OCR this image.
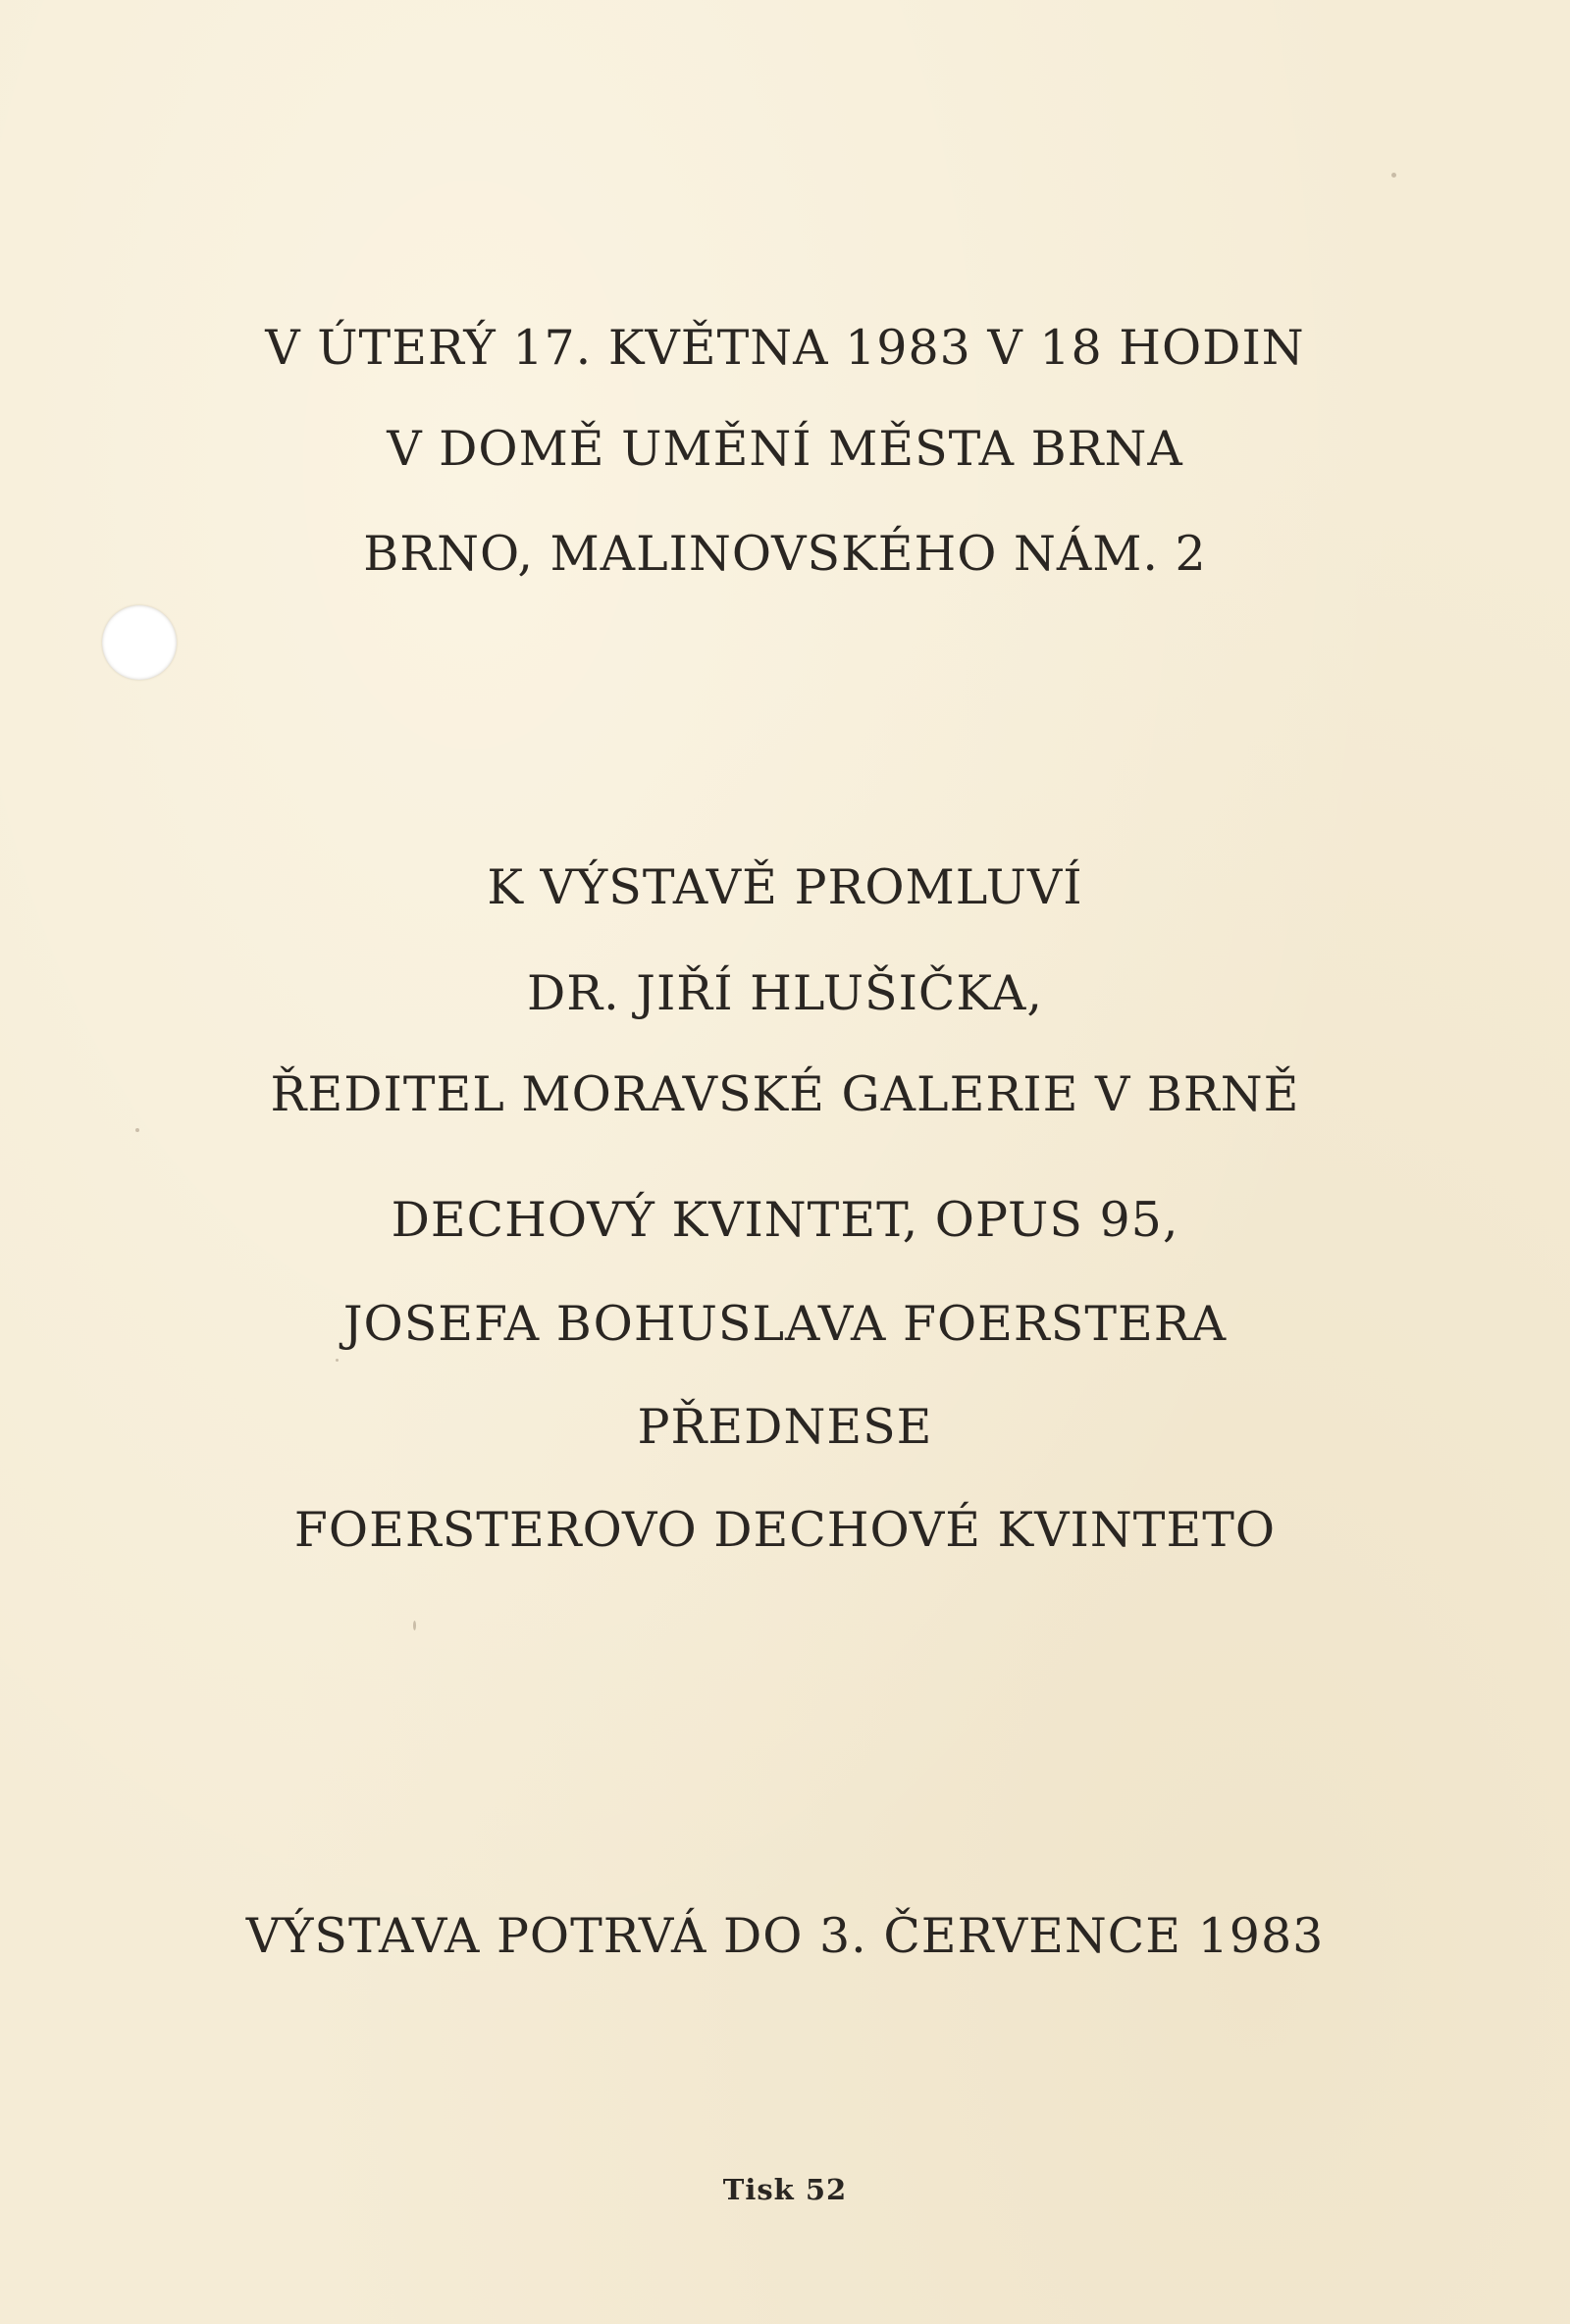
V ÚTERÝ 17. KVĚTNA 1983 V 18 HODIN
V DOMĚ UMĚNÍ MĚSTA BRNA
BRNO, MALINOVSKÉHO NÁM. 2
K VÝSTAVĚ PROMLUVÍ
DR. JIŘÍ HLUŠIČKA,
ŘEDITEL MORAVSKÉ GALERIE V BRNĚ
DECHOVÝ KVINTET, OPUS 95,
JOSEFA BOHUSLAVA FOERSTERA
PŘEDNESE
FOERSTEROVO DECHOVÉ KVINTETO
VÝSTAVA POTRVÁ DO 3. ČERVENCE 1983
Tisk 52
